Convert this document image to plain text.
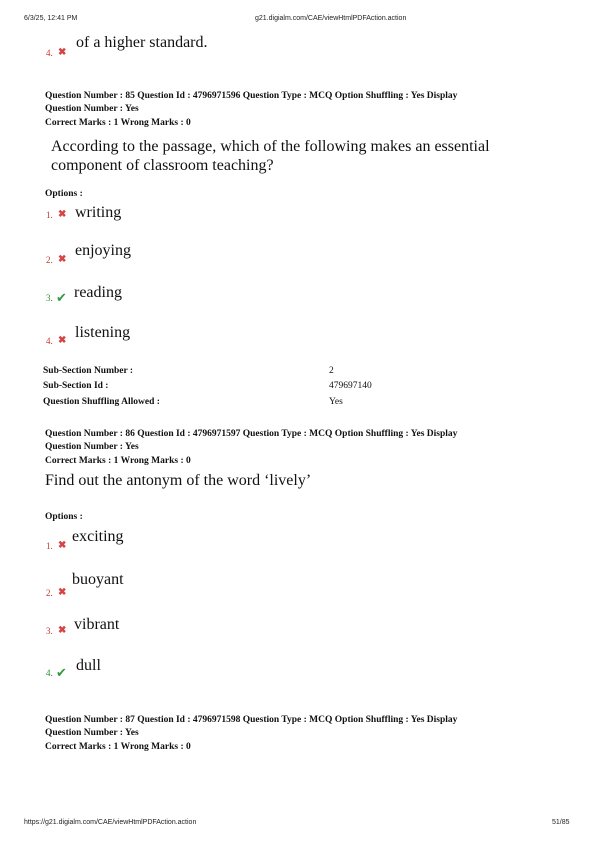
6/3/25, 12:41 PM	g21.digialm.com/CAE/viewHtmlPDFAction.action
4. ✖
of a higher standard.
Question Number : 85 Question Id : 4796971596 Question Type : MCQ Option Shuffling : Yes Display
Question Number : Yes
Correct Marks : 1 Wrong Marks : 0
According to the passage, which of the following makes an essential
component of classroom teaching?
Options :
1. ✖ writing
2. ✖
enjoying
3. ✔ reading
4. ✖ listening
Sub-Section Number :	2
Sub-Section Id :	479697140
Question Shuffling Allowed :	Yes
Question Number : 86 Question Id : 4796971597 Question Type : MCQ Option Shuffling : Yes Display
Question Number : Yes
Correct Marks : 1 Wrong Marks : 0
Find out the antonym of the word ‘lively’
Options :
1. ✖
exciting
2. ✖
buoyant
3. ✖ vibrant
4. ✔ dull
Question Number : 87 Question Id : 4796971598 Question Type : MCQ Option Shuffling : Yes Display
Question Number : Yes
Correct Marks : 1 Wrong Marks : 0
https://g21.digialm.com/CAE/viewHtmlPDFAction.action	51/85
